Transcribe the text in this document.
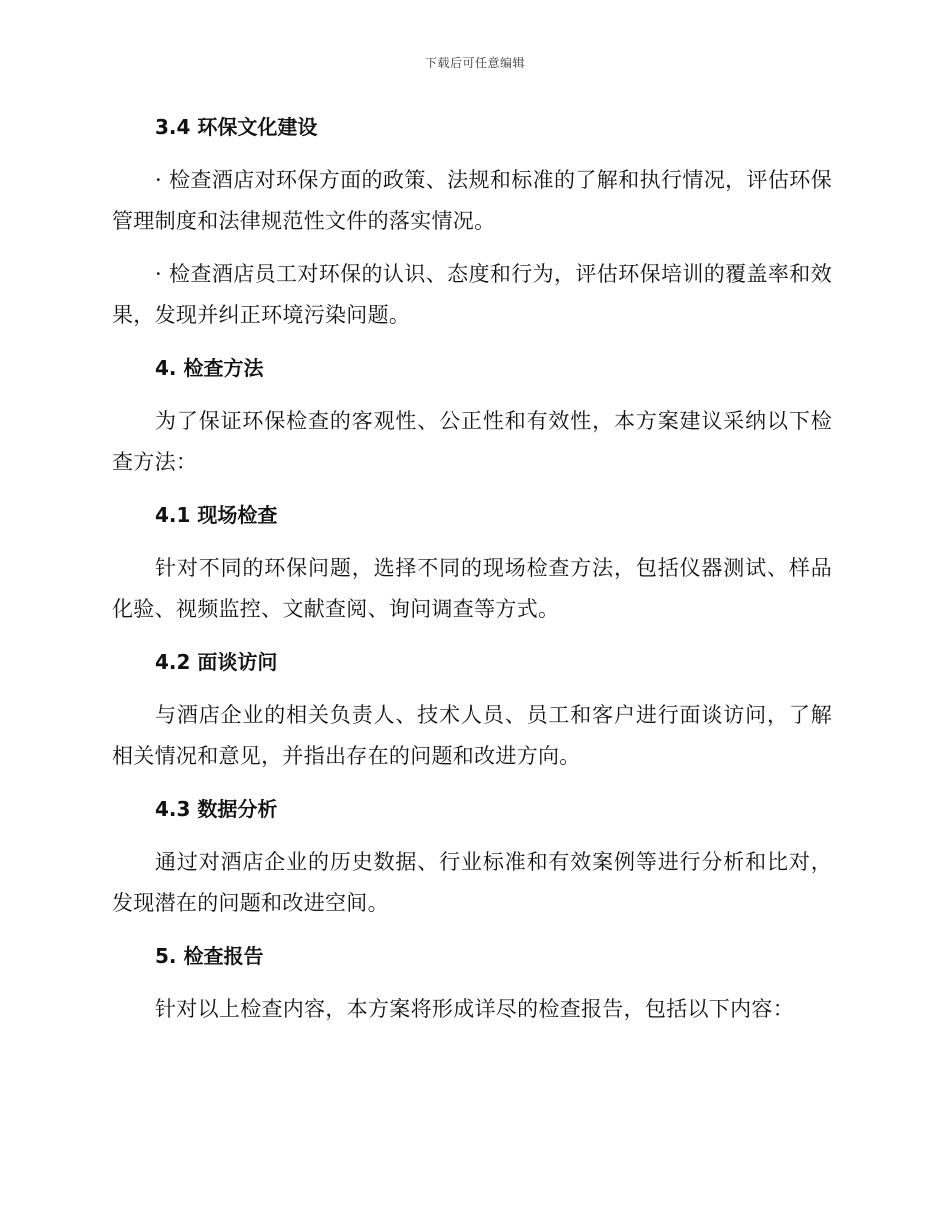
下载后可任意编辑
3.4 环保文化建设
· 检查酒店对环保方面的政策、法规和标准的了解和执行情况，评估环保管理制度和法律规范性文件的落实情况。
· 检查酒店员工对环保的认识、态度和行为，评估环保培训的覆盖率和效果，发现并纠正环境污染问题。
4. 检查方法
为了保证环保检查的客观性、公正性和有效性，本方案建议采纳以下检查方法：
4.1 现场检查
针对不同的环保问题，选择不同的现场检查方法，包括仪器测试、样品化验、视频监控、文献查阅、询问调查等方式。
4.2 面谈访问
与酒店企业的相关负责人、技术人员、员工和客户进行面谈访问，了解相关情况和意见，并指出存在的问题和改进方向。
4.3 数据分析
通过对酒店企业的历史数据、行业标准和有效案例等进行分析和比对，发现潜在的问题和改进空间。
5. 检查报告
针对以上检查内容，本方案将形成详尽的检查报告，包括以下内容：
